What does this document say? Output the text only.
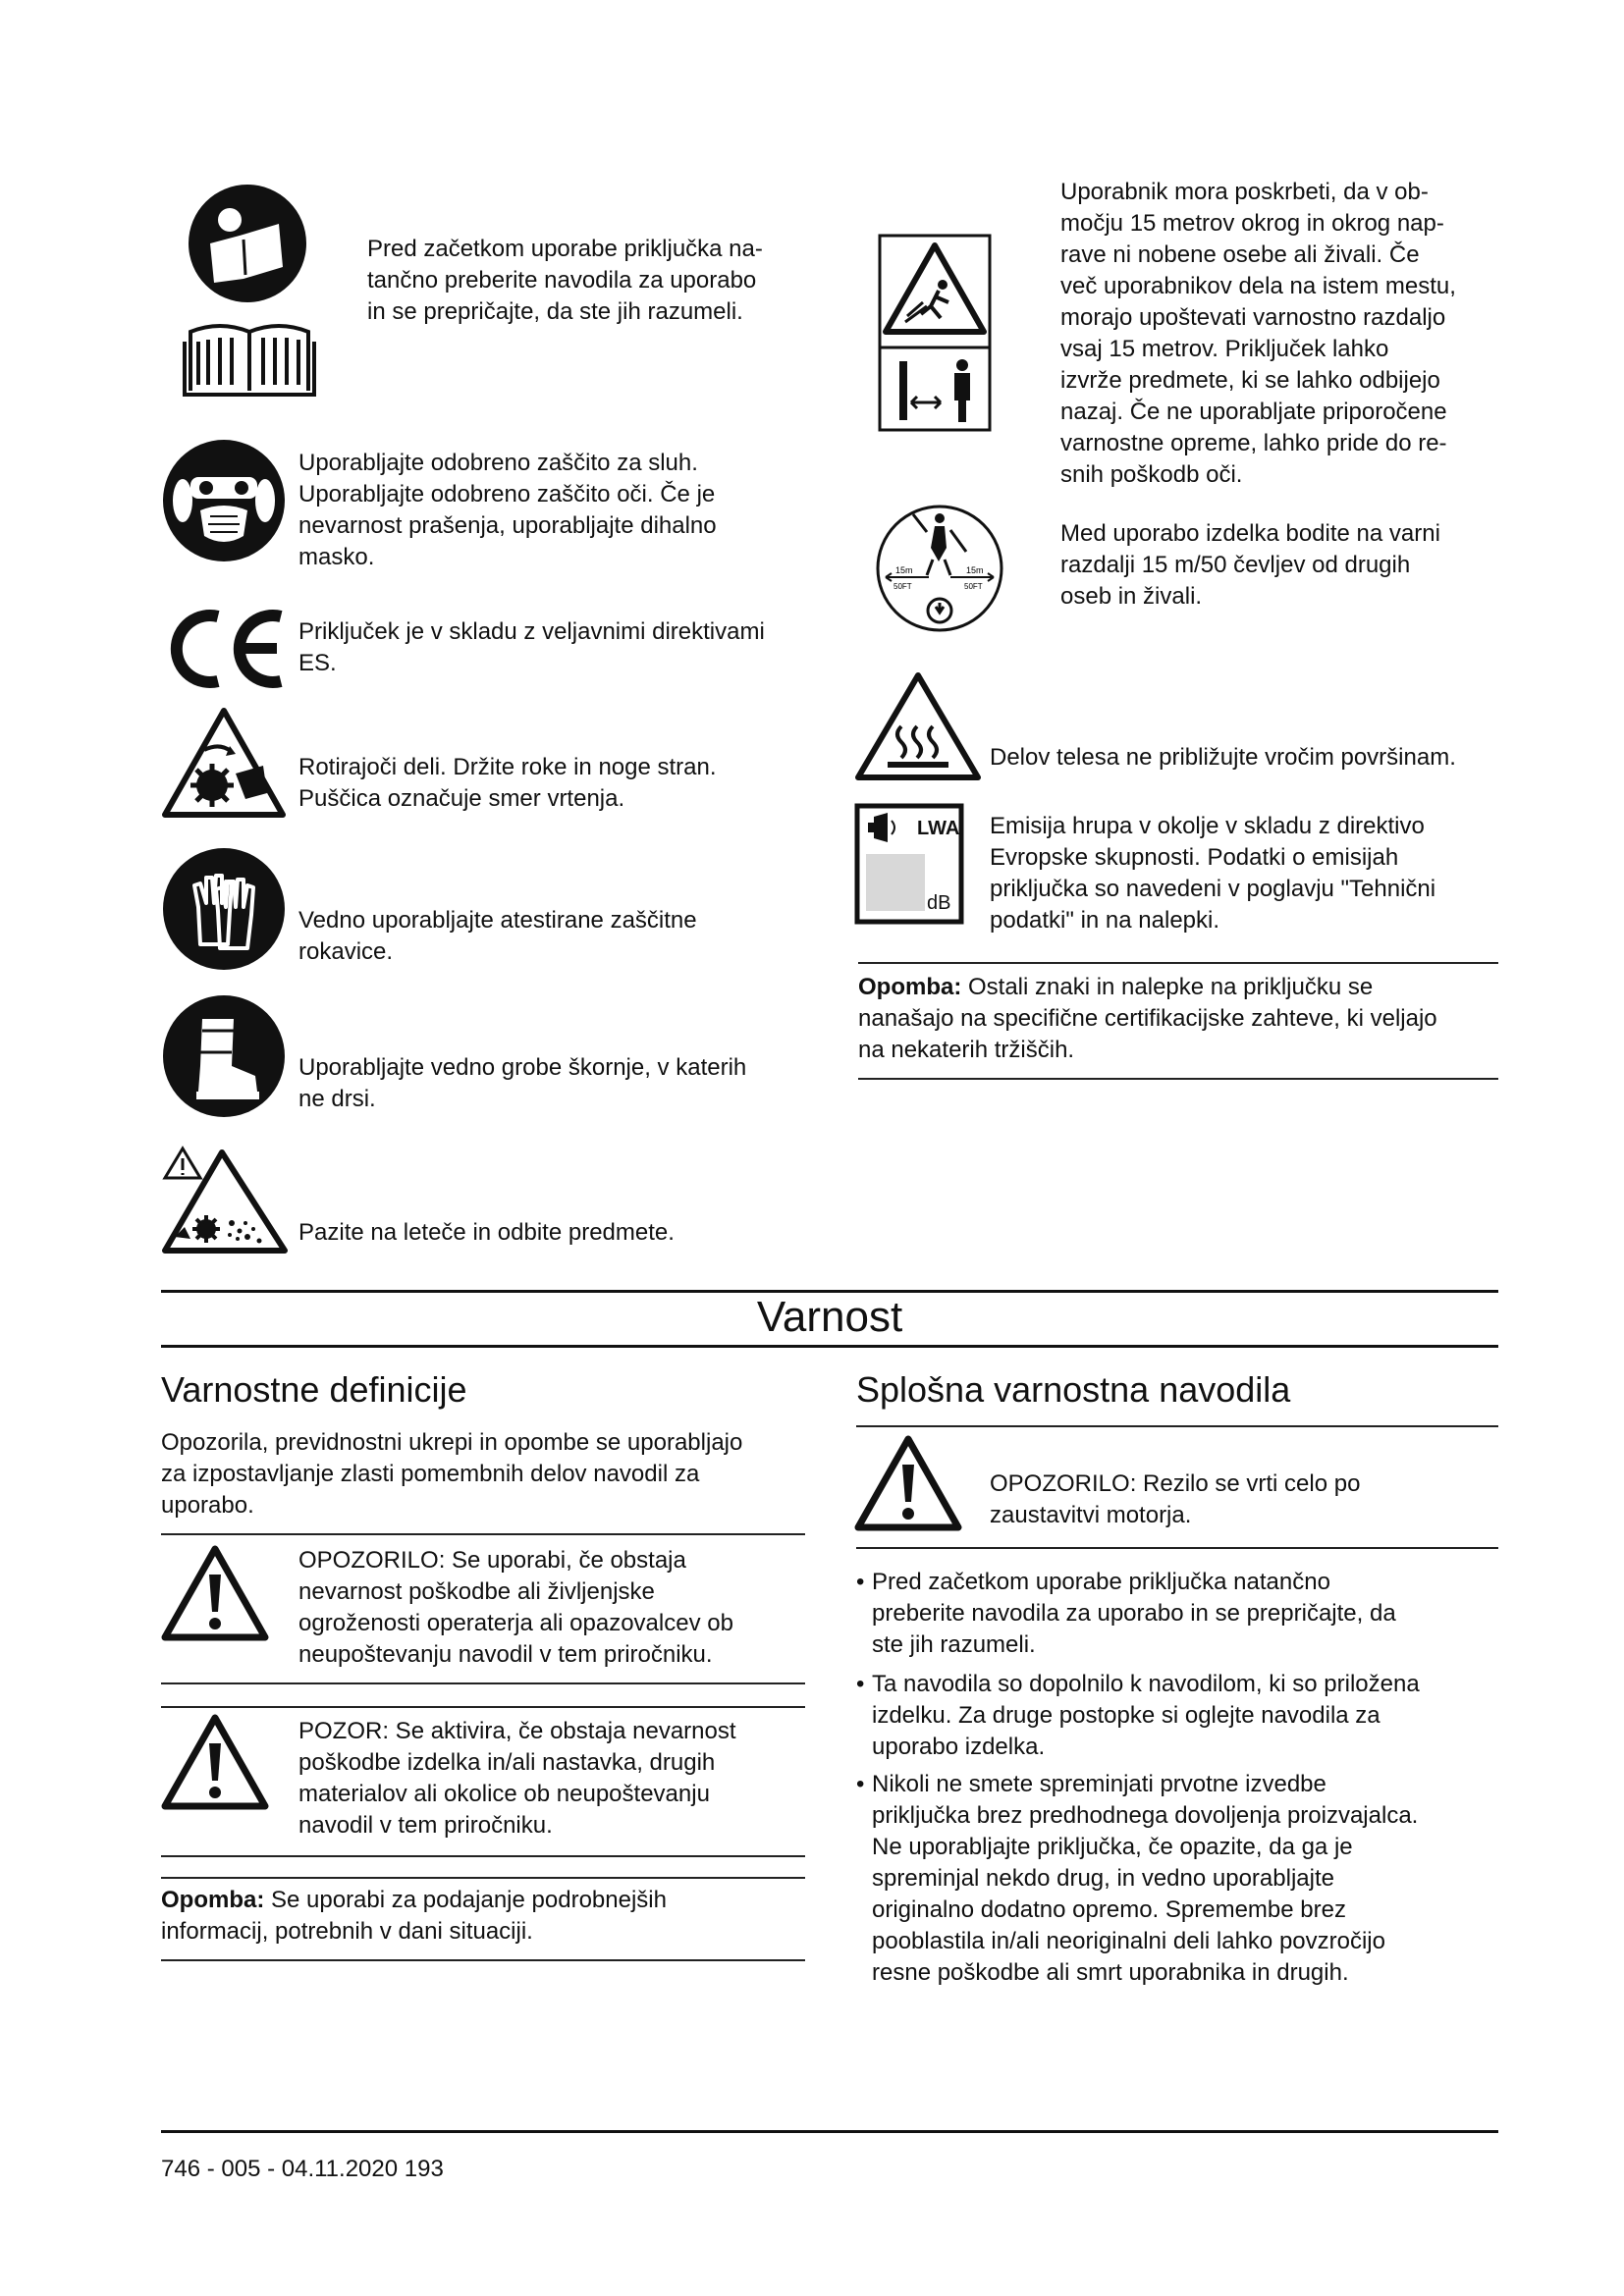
Pred začetkom uporabe priključka na-
tančno preberite navodila za uporabo
in se prepričajte, da ste jih razumeli.
Uporabljajte odobreno zaščito za sluh.
Uporabljajte odobreno zaščito oči. Če je
nevarnost prašenja, uporabljajte dihalno
masko.
Priključek je v skladu z veljavnimi direktivami
ES.
Rotirajoči deli. Držite roke in noge stran.
Puščica označuje smer vrtenja.
Vedno uporabljajte atestirane zaščitne
rokavice.
Uporabljajte vedno grobe škornje, v katerih
ne drsi.
Pazite na leteče in odbite predmete.
Uporabnik mora poskrbeti, da v ob-
močju 15 metrov okrog in okrog nap-
rave ni nobene osebe ali živali. Če
več uporabnikov dela na istem mestu,
morajo upoštevati varnostno razdaljo
vsaj 15 metrov. Priključek lahko
izvrže predmete, ki se lahko odbijejo
nazaj. Če ne uporabljate priporočene
varnostne opreme, lahko pride do re-
snih poškodb oči.
15m
50FT
15m
50FT
Med uporabo izdelka bodite na varni
razdalji 15 m/50 čevljev od drugih
oseb in živali.
Delov telesa ne približujte vročim površinam.
LWA
dB
Emisija hrupa v okolje v skladu z direktivo
Evropske skupnosti. Podatki o emisijah
priključka so navedeni v poglavju "Tehnični
podatki" in na nalepki.
Opomba: Ostali znaki in nalepke na priključku se
nanašajo na specifične certifikacijske zahteve, ki veljajo
na nekaterih tržiščih.
Varnost
Varnostne definicije
Opozorila, previdnostni ukrepi in opombe se uporabljajo
za izpostavljanje zlasti pomembnih delov navodil za
uporabo.
OPOZORILO: Se uporabi, če obstaja
nevarnost poškodbe ali življenjske
ogroženosti operaterja ali opazovalcev ob
neupoštevanju navodil v tem priročniku.
POZOR: Se aktivira, če obstaja nevarnost
poškodbe izdelka in/ali nastavka, drugih
materialov ali okolice ob neupoštevanju
navodil v tem priročniku.
Opomba: Se uporabi za podajanje podrobnejših
informacij, potrebnih v dani situaciji.
Splošna varnostna navodila
OPOZORILO: Rezilo se vrti celo po
zaustavitvi motorja.
• Pred začetkom uporabe priključka natančno
preberite navodila za uporabo in se prepričajte, da
ste jih razumeli.
• Ta navodila so dopolnilo k navodilom, ki so priložena
izdelku. Za druge postopke si oglejte navodila za
uporabo izdelka.
• Nikoli ne smete spreminjati prvotne izvedbe
priključka brez predhodnega dovoljenja proizvajalca.
Ne uporabljajte priključka, če opazite, da ga je
spreminjal nekdo drug, in vedno uporabljajte
originalno dodatno opremo. Spremembe brez
pooblastila in/ali neoriginalni deli lahko povzročijo
resne poškodbe ali smrt uporabnika in drugih.
746 - 005 - 04.11.2020 193
